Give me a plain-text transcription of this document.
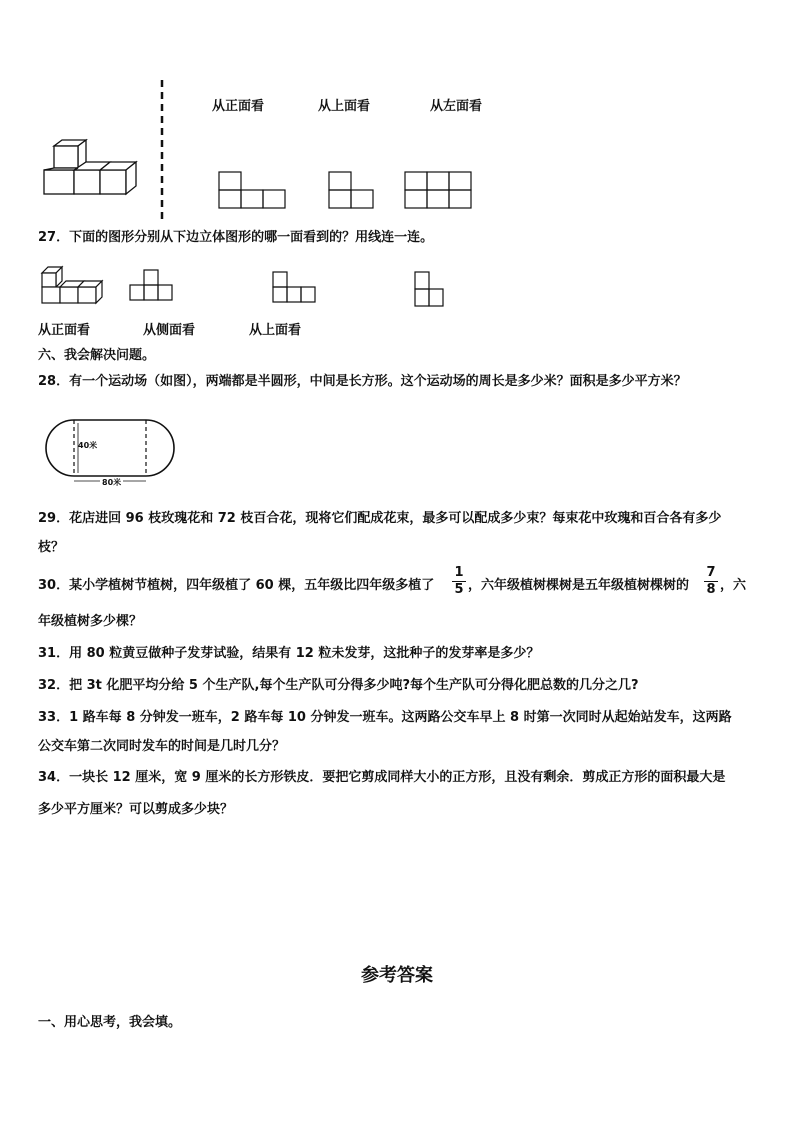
从正面看	从上面看	从左面看
27．下面的图形分别从下边立体图形的哪一面看到的？用线连一连。
从正面看	从侧面看	从上面看
六、我会解决问题。
28．有一个运动场（如图），两端都是半圆形，中间是长方形。这个运动场的周长是多少米？面积是多少平方米？
40米
80米
29．花店进回 96 枝玫瑰花和 72 枝百合花，现将它们配成花束，最多可以配成多少束？每束花中玫瑰和百合各有多少
枝？
30．某小学植树节植树，四年级植了 60 棵，五年级比四年级多植了
1
5 ，六年级植树棵树是五年级植树棵树的
7
8 ，六
年级植树多少棵？
31．用 80 粒黄豆做种子发芽试验，结果有 12 粒未发芽，这批种子的发芽率是多少？
32．把 3t 化肥平均分给 5 个生产队,每个生产队可分得多少吨?每个生产队可分得化肥总数的几分之几?
33．1 路车每 8 分钟发一班车，2 路车每 10 分钟发一班车。这两路公交车早上 8 时第一次同时从起始站发车，这两路
公交车第二次同时发车的时间是几时几分？
34．一块长 12 厘米，宽 9 厘米的长方形铁皮．要把它剪成同样大小的正方形，且没有剩余．剪成正方形的面积最大是
多少平方厘米？可以剪成多少块？
参考答案
一、用心思考，我会填。
